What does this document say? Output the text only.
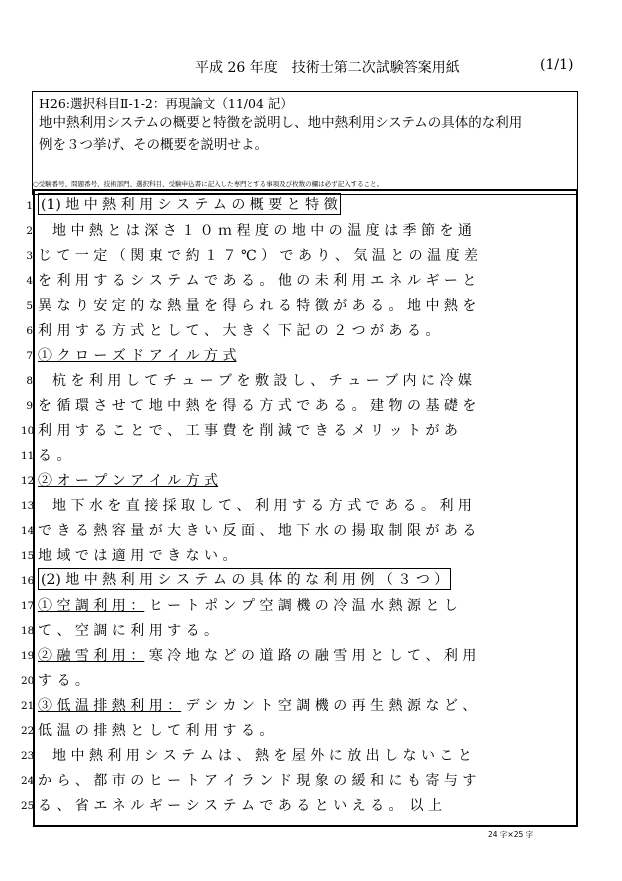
平成 26 年度　技術士第二次試験答案用紙	(1/1)
H26:選択科目Ⅱ-1-2：再現論文（11/04 記）
地中熱利用システムの概要と特徴を説明し、地中熱利用システムの具体的な利用
例を３つ挙げ、その概要を説明せよ。
○受験番号、問題番号、技術部門、選択科目、受験申込書に記入した専門とする事項及び枚数の欄は必ず記入すること。
1 (1) 地 中 熱 利 用 シ ス テ ム の 概 要 と 特 徴
2 　地 中 熱 と は 深 さ １ ０ ｍ 程 度 の 地 中 の 温 度 は 季 節 を 通
3 じ て 一 定 （ 関 東 で 約 １ ７ ℃ ） で あ り 、 気 温 と の 温 度 差
4 を 利 用 す る シ ス テ ム で あ る 。 他 の 未 利 用 エ ネ ル ギ ー と
5 異 な り 安 定 的 な 熱 量 を 得 ら れ る 特 徴 が あ る 。 地 中 熱 を
6 利 用 す る 方 式 と し て 、 大 き く 下 記 の ２ つ が あ る 。
7 ① ク ロ ー ズ ド ア イ ル 方 式
8 　杭 を 利 用 し て チ ュ ー ブ を 敷 設 し 、 チ ュ ー ブ 内 に 冷 媒
9 を 循 環 さ せ て 地 中 熱 を 得 る 方 式 で あ る 。 建 物 の 基 礎 を
10 利 用 す る こ と で 、 工 事 費 を 削 減 で き る メ リ ッ ト が あ
11 る 。
12 ② オ ー プ ン ア イ ル 方 式
13 　地 下 水 を 直 接 採 取 し て 、 利 用 す る 方 式 で あ る 。 利 用
14 で き る 熱 容 量 が 大 き い 反 面 、 地 下 水 の 揚 取 制 限 が あ る
15 地 域 で は 適 用 で き な い 。
16 (2) 地 中 熱 利 用 シ ス テ ム の 具 体 的 な 利 用 例 （ ３ つ ）
17 ① 空 調 利 用 ： ヒ ー ト ポ ン プ 空 調 機 の 冷 温 水 熱 源 と し
18 て 、 空 調 に 利 用 す る 。
19 ② 融 雪 利 用 ： 寒 冷 地 な ど の 道 路 の 融 雪 用 と し て 、 利 用
20 す る 。
21 ③ 低 温 排 熱 利 用 ： デ シ カ ン ト 空 調 機 の 再 生 熱 源 な ど 、
22 低 温 の 排 熱 と し て 利 用 す る 。
23 　地 中 熱 利 用 シ ス テ ム は 、 熱 を 屋 外 に 放 出 し な い こ と
24 か ら 、 都 市 の ヒ ー ト ア イ ラ ン ド 現 象 の 緩 和 に も 寄 与 す
25 る 、 省 エ ネ ル ギ ー シ ス テ ム で あ る と い え る 。　以 上
24 字×25 字
